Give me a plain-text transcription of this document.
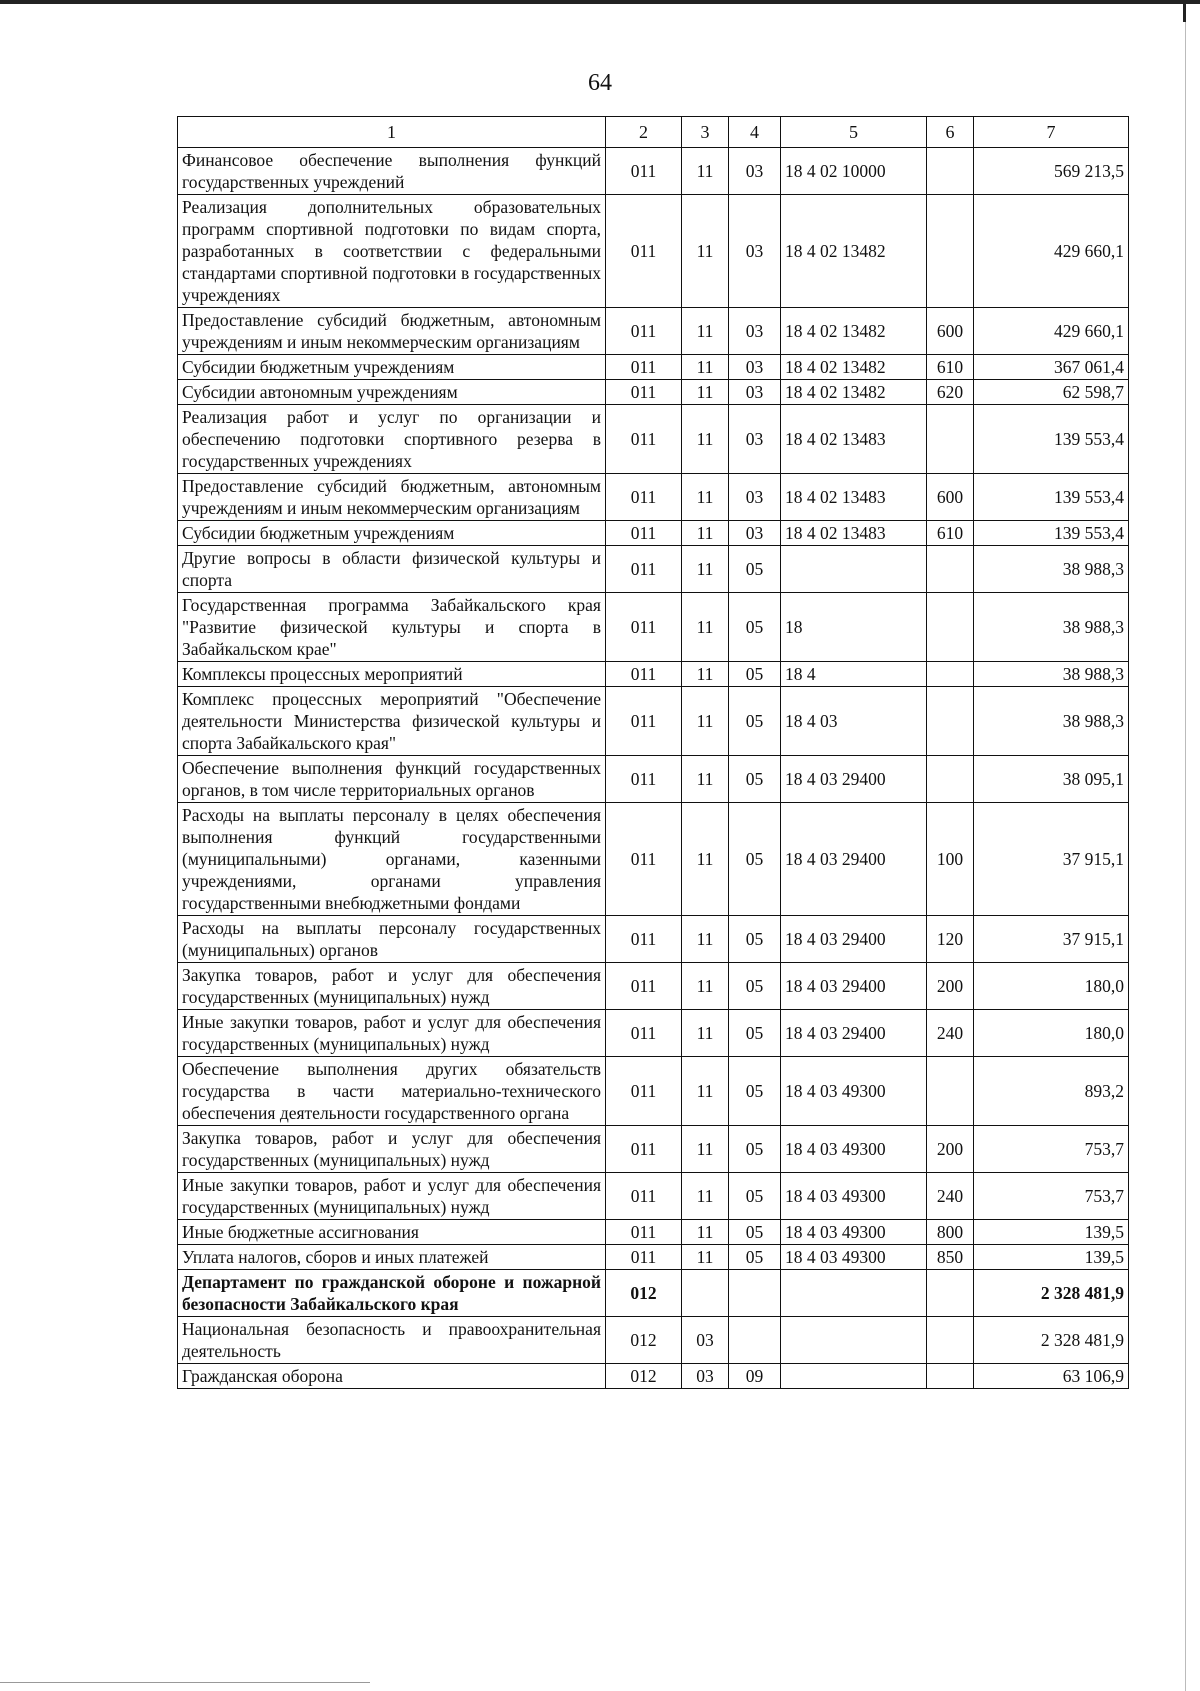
64
1	2	3	4	5	6	7
Финансовое обеспечение выполнения функций государственных учреждений	011	11	03	18 4 02 10000		569 213,5
Реализация дополнительных образовательных программ спортивной подготовки по видам спорта, разработанных в соответствии с федеральными стандартами спортивной подготовки в государственных учреждениях	011	11	03	18 4 02 13482		429 660,1
Предоставление субсидий бюджетным, автономным учреждениям и иным некоммерческим организациям	011	11	03	18 4 02 13482	600	429 660,1
Субсидии бюджетным учреждениям	011	11	03	18 4 02 13482	610	367 061,4
Субсидии автономным учреждениям	011	11	03	18 4 02 13482	620	62 598,7
Реализация работ и услуг по организации и обеспечению подготовки спортивного резерва в государственных учреждениях	011	11	03	18 4 02 13483		139 553,4
Предоставление субсидий бюджетным, автономным учреждениям и иным некоммерческим организациям	011	11	03	18 4 02 13483	600	139 553,4
Субсидии бюджетным учреждениям	011	11	03	18 4 02 13483	610	139 553,4
Другие вопросы в области физической культуры и спорта	011	11	05			38 988,3
Государственная программа Забайкальского края "Развитие физической культуры и спорта в Забайкальском крае"	011	11	05	18		38 988,3
Комплексы процессных мероприятий	011	11	05	18 4		38 988,3
Комплекс процессных мероприятий "Обеспечение деятельности Министерства физической культуры и спорта Забайкальского края"	011	11	05	18 4 03		38 988,3
Обеспечение выполнения функций государственных органов, в том числе территориальных органов	011	11	05	18 4 03 29400		38 095,1
Расходы на выплаты персоналу в целях обеспечения выполнения функций государственными (муниципальными) органами, казенными учреждениями, органами управления государственными внебюджетными фондами	011	11	05	18 4 03 29400	100	37 915,1
Расходы на выплаты персоналу государственных (муниципальных) органов	011	11	05	18 4 03 29400	120	37 915,1
Закупка товаров, работ и услуг для обеспечения государственных (муниципальных) нужд	011	11	05	18 4 03 29400	200	180,0
Иные закупки товаров, работ и услуг для обеспечения государственных (муниципальных) нужд	011	11	05	18 4 03 29400	240	180,0
Обеспечение выполнения других обязательств государства в части материально-технического обеспечения деятельности государственного органа	011	11	05	18 4 03 49300		893,2
Закупка товаров, работ и услуг для обеспечения государственных (муниципальных) нужд	011	11	05	18 4 03 49300	200	753,7
Иные закупки товаров, работ и услуг для обеспечения государственных (муниципальных) нужд	011	11	05	18 4 03 49300	240	753,7
Иные бюджетные ассигнования	011	11	05	18 4 03 49300	800	139,5
Уплата налогов, сборов и иных платежей	011	11	05	18 4 03 49300	850	139,5
Департамент по гражданской обороне и пожарной безопасности Забайкальского края	012					2 328 481,9
Национальная безопасность и правоохранительная деятельность	012	03				2 328 481,9
Гражданская оборона	012	03	09			63 106,9
